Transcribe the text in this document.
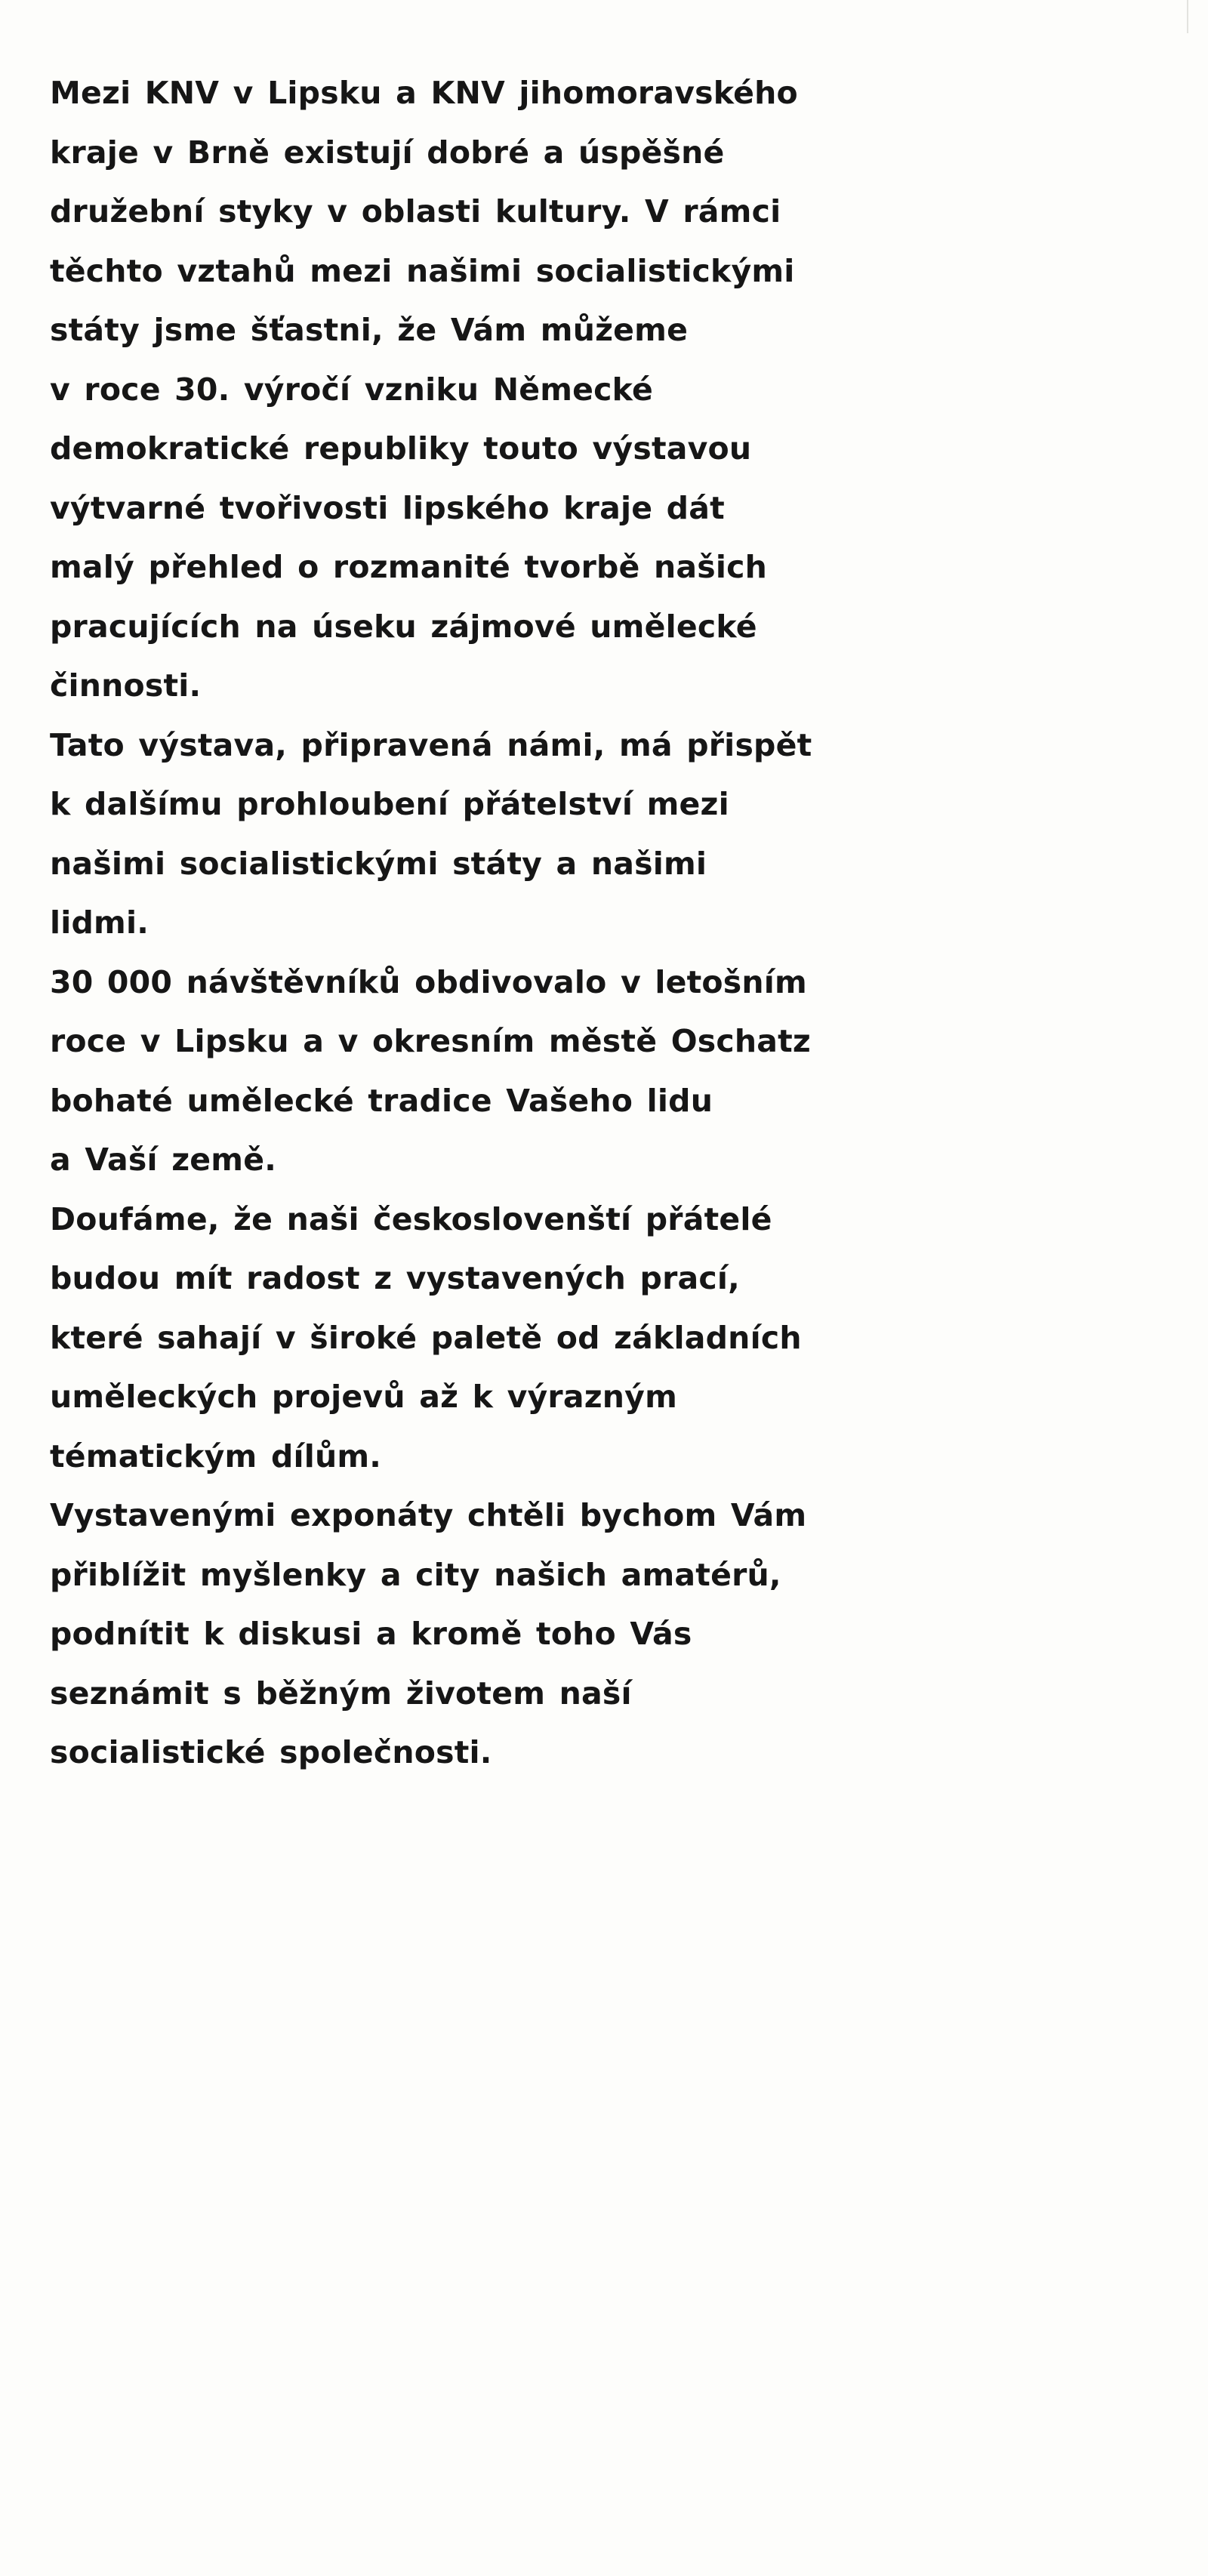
Mezi KNV v Lipsku a KNV jihomoravského
kraje v Brně existují dobré a úspěšné
družební styky v oblasti kultury. V rámci
těchto vztahů mezi našimi socialistickými
státy jsme šťastni, že Vám můžeme
v roce 30. výročí vzniku Německé
demokratické republiky touto výstavou
výtvarné tvořivosti lipského kraje dát
malý přehled o rozmanité tvorbě našich
pracujících na úseku zájmové umělecké
činnosti.
Tato výstava, připravená námi, má přispět
k dalšímu prohloubení přátelství mezi
našimi socialistickými státy a našimi
lidmi.
30 000 návštěvníků obdivovalo v letošním
roce v Lipsku a v okresním městě Oschatz
bohaté umělecké tradice Vašeho lidu
a Vaší země.
Doufáme, že naši českoslovenští přátelé
budou mít radost z vystavených prací,
které sahají v široké paletě od základních
uměleckých projevů až k výrazným
tématickým dílům.
Vystavenými exponáty chtěli bychom Vám
přiblížit myšlenky a city našich amatérů,
podnítit k diskusi a kromě toho Vás
seznámit s běžným životem naší
socialistické společnosti.
